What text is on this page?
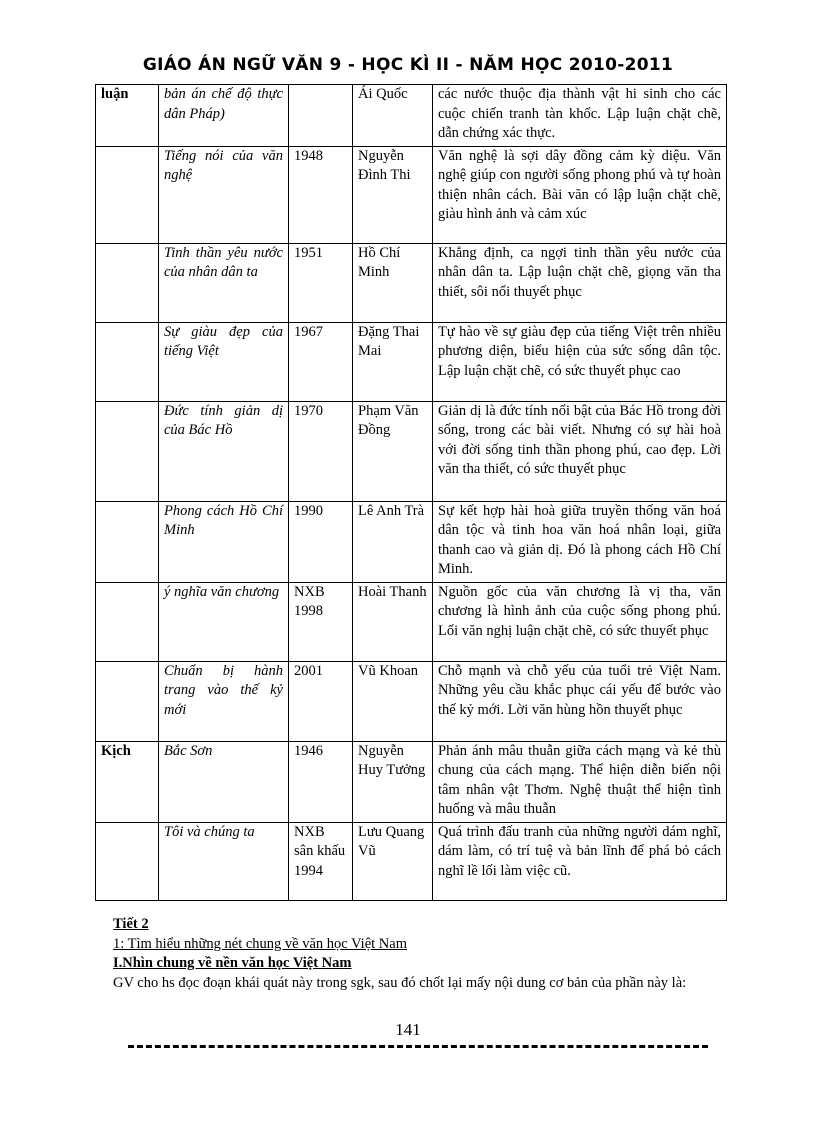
GIÁO ÁN NGỮ VĂN 9 - HỌC KÌ II - NĂM HỌC 2010-2011
luận	bản án chế độ thực dân Pháp)		Ái Quốc	các nước thuộc địa thành vật hi sinh cho các cuộc chiến tranh tàn khốc. Lập luận chặt chẽ, dẫn chứng xác thực.
	Tiếng nói của văn nghệ	1948	Nguyễn Đình Thi	Văn nghệ là sợi dây đồng cảm kỳ diệu. Văn nghệ giúp con người sống phong phú và tự hoàn thiện nhân cách. Bài văn có lập luận chặt chẽ, giàu hình ảnh và cảm xúc
	Tinh thần yêu nước của nhân dân ta	1951	Hồ Chí Minh	Khẳng định, ca ngợi tinh thần yêu nước của nhân dân ta. Lập luận chặt chẽ, giọng văn tha thiết, sôi nổi thuyết phục
	Sự giàu đẹp của tiếng Việt	1967	Đặng Thai Mai	Tự hào về sự giàu đẹp của tiếng Việt trên nhiều phương diện, biểu hiện của sức sống dân tộc. Lập luận chặt chẽ, có sức thuyết phục cao
	Đức tính giản dị của Bác Hồ	1970	Phạm Văn Đồng	Giản dị là đức tính nổi bật của Bác Hồ trong đời sống, trong các bài viết. Nhưng có sự hài hoà với đời sống tinh thần phong phú, cao đẹp. Lời văn tha thiết, có sức thuyết phục
	Phong cách Hồ Chí Minh	1990	Lê Anh Trà	Sự kết hợp hài hoà giữa truyền thống văn hoá dân tộc và tinh hoa văn hoá nhân loại, giữa thanh cao và giản dị. Đó là phong cách Hồ Chí Minh.
	ý nghĩa văn chương	NXB 1998	Hoài Thanh	Nguồn gốc của văn chương là vị tha, văn chương là hình ảnh của cuộc sống phong phú. Lối văn nghị luận chặt chẽ, có sức thuyết phục
	Chuẩn bị hành trang vào thế kỷ mới	2001	Vũ Khoan	Chỗ mạnh và chỗ yếu của tuổi trẻ Việt Nam. Những yêu cầu khắc phục cái yếu để bước vào thế kỷ mới. Lời văn hùng hồn thuyết phục
Kịch	Bắc Sơn	1946	Nguyễn Huy Tưởng	Phản ánh mâu thuẫn giữa cách mạng và kẻ thù chung của cách mạng. Thể hiện diễn biến nội tâm nhân vật Thơm. Nghệ thuật thể hiện tình huống và mâu thuẫn
	Tôi và chúng ta	NXB sân khấu 1994	Lưu Quang Vũ	Quá trình đấu tranh của những người dám nghĩ, dám làm, có trí tuệ và bản lĩnh để phá bỏ cách nghĩ lề lối làm việc cũ.
Tiết 2
1: Tìm hiểu những nét chung về văn học Việt Nam
I.Nhìn chung về nền văn học Việt Nam
GV cho hs đọc đoạn khái quát này trong sgk, sau đó chốt lại mấy nội dung cơ bản của phần này là:
141
